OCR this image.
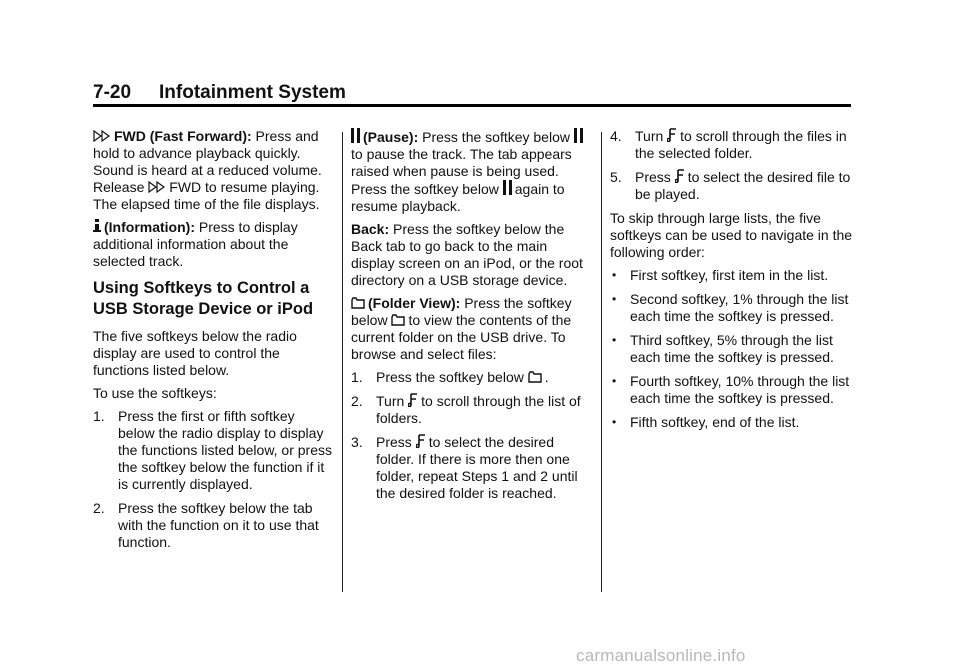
7-20 Infotainment System

FWD (Fast Forward): Press and hold to advance playback quickly. Sound is heard at a reduced volume. Release FWD to resume playing. The elapsed time of the file displays.

(Information): Press to display additional information about the selected track.

Using Softkeys to Control a USB Storage Device or iPod

The five softkeys below the radio display are used to control the functions listed below.

To use the softkeys:

1. Press the first or fifth softkey below the radio display to display the functions listed below, or press the softkey below the function if it is currently displayed.
2. Press the softkey below the tab with the function on it to use that function.

(Pause): Press the softkey below to pause the track. The tab appears raised when pause is being used. Press the softkey below again to resume playback.

Back: Press the softkey below the Back tab to go back to the main display screen on an iPod, or the root directory on a USB storage device.

(Folder View): Press the softkey below to view the contents of the current folder on the USB drive. To browse and select files:

1. Press the softkey below .
2. Turn to scroll through the list of folders.
3. Press to select the desired folder. If there is more then one folder, repeat Steps 1 and 2 until the desired folder is reached.
4. Turn to scroll through the files in the selected folder.
5. Press to select the desired file to be played.

To skip through large lists, the five softkeys can be used to navigate in the following order:

• First softkey, first item in the list.
• Second softkey, 1% through the list each time the softkey is pressed.
• Third softkey, 5% through the list each time the softkey is pressed.
• Fourth softkey, 10% through the list each time the softkey is pressed.
• Fifth softkey, end of the list.
carmanualsonline.info
